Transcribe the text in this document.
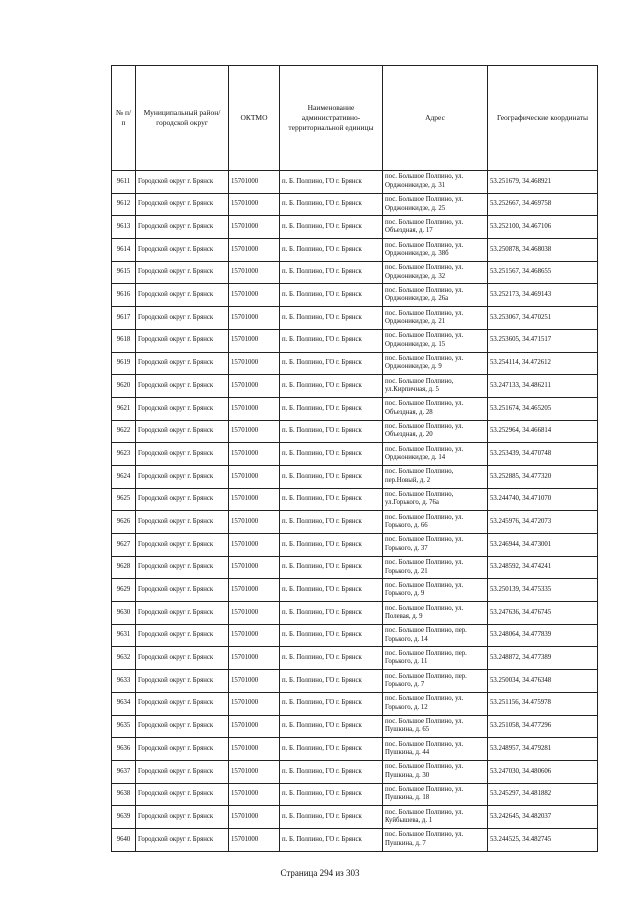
№ п/п	Муниципальный район/городской округ	ОКТМО	Наименование административно-территориальной единицы	Адрес	Географические координаты
9611	Городской округ г. Брянск	15701000	п. Б. Полпино, ГО г. Брянск	пос. Большое Полпино, ул. Орджоникидзе, д. 31	53.251679, 34.468921
9612	Городской округ г. Брянск	15701000	п. Б. Полпино, ГО г. Брянск	пос. Большое Полпино, ул. Орджоникидзе, д. 25	53.252667, 34.469758
9613	Городской округ г. Брянск	15701000	п. Б. Полпино, ГО г. Брянск	пос. Большое Полпино, ул. Объездная, д. 17	53.252100, 34.467106
9614	Городской округ г. Брянск	15701000	п. Б. Полпино, ГО г. Брянск	пос. Большое Полпино, ул. Орджоникидзе, д. 38б	53.250878, 34.468038
9615	Городской округ г. Брянск	15701000	п. Б. Полпино, ГО г. Брянск	пос. Большое Полпино, ул. Орджоникидзе, д. 32	53.251567, 34.468655
9616	Городской округ г. Брянск	15701000	п. Б. Полпино, ГО г. Брянск	пос. Большое Полпино, ул. Орджоникидзе, д. 26а	53.252173, 34.469143
9617	Городской округ г. Брянск	15701000	п. Б. Полпино, ГО г. Брянск	пос. Большое Полпино, ул. Орджоникидзе, д. 21	53.253067, 34.470251
9618	Городской округ г. Брянск	15701000	п. Б. Полпино, ГО г. Брянск	пос. Большое Полпино, ул. Орджоникидзе, д. 15	53.253605, 34.471517
9619	Городской округ г. Брянск	15701000	п. Б. Полпино, ГО г. Брянск	пос. Большое Полпино, ул. Орджоникидзе, д. 9	53.254114, 34.472612
9620	Городской округ г. Брянск	15701000	п. Б. Полпино, ГО г. Брянск	пос. Большое Полпино, ул.Кирпичная, д. 5	53.247133, 34.486211
9621	Городской округ г. Брянск	15701000	п. Б. Полпино, ГО г. Брянск	пос. Большое Полпино, ул. Объездная, д. 28	53.251674, 34.465205
9622	Городской округ г. Брянск	15701000	п. Б. Полпино, ГО г. Брянск	пос. Большое Полпино, ул. Объездная, д. 20	53.252964, 34.466814
9623	Городской округ г. Брянск	15701000	п. Б. Полпино, ГО г. Брянск	пос. Большое Полпино, ул. Орджоникидзе, д. 14	53.253439, 34.470748
9624	Городской округ г. Брянск	15701000	п. Б. Полпино, ГО г. Брянск	пос. Большое Полпино, пер.Новый, д. 2	53.252885, 34.477320
9625	Городской округ г. Брянск	15701000	п. Б. Полпино, ГО г. Брянск	пос. Большое Полпино, ул.Горького, д. 76а	53.244740, 34.471070
9626	Городской округ г. Брянск	15701000	п. Б. Полпино, ГО г. Брянск	пос. Большое Полпино, ул. Горького, д. 66	53.245976, 34.472073
9627	Городской округ г. Брянск	15701000	п. Б. Полпино, ГО г. Брянск	пос. Большое Полпино, ул. Горького, д. 37	53.246944, 34.473001
9628	Городской округ г. Брянск	15701000	п. Б. Полпино, ГО г. Брянск	пос. Большое Полпино, ул. Горького, д. 21	53.248592, 34.474241
9629	Городской округ г. Брянск	15701000	п. Б. Полпино, ГО г. Брянск	пос. Большое Полпино, ул. Горького, д. 9	53.250139, 34.475335
9630	Городской округ г. Брянск	15701000	п. Б. Полпино, ГО г. Брянск	пос. Большое Полпино, ул. Полевая, д. 9	53.247636, 34.476745
9631	Городской округ г. Брянск	15701000	п. Б. Полпино, ГО г. Брянск	пос. Большое Полпино, пер. Горького, д. 14	53.248064, 34.477839
9632	Городской округ г. Брянск	15701000	п. Б. Полпино, ГО г. Брянск	пос. Большое Полпино, пер. Горького, д. 11	53.248872, 34.477389
9633	Городской округ г. Брянск	15701000	п. Б. Полпино, ГО г. Брянск	пос. Большое Полпино, пер. Горького, д. 7	53.250034, 34.476348
9634	Городской округ г. Брянск	15701000	п. Б. Полпино, ГО г. Брянск	пос. Большое Полпино, ул. Горького, д. 12	53.251156, 34.475978
9635	Городской округ г. Брянск	15701000	п. Б. Полпино, ГО г. Брянск	пос. Большое Полпино, ул. Пушкина, д. 65	53.251058, 34.477296
9636	Городской округ г. Брянск	15701000	п. Б. Полпино, ГО г. Брянск	пос. Большое Полпино, ул. Пушкина, д. 44	53.248957, 34.479281
9637	Городской округ г. Брянск	15701000	п. Б. Полпино, ГО г. Брянск	пос. Большое Полпино, ул. Пушкина, д. 30	53.247030, 34.480606
9638	Городской округ г. Брянск	15701000	п. Б. Полпино, ГО г. Брянск	пос. Большое Полпино, ул. Пушкина, д. 18	53.245297, 34.481882
9639	Городской округ г. Брянск	15701000	п. Б. Полпино, ГО г. Брянск	пос. Большое Полпино, ул. Куйбышева, д. 1	53.242645, 34.482037
9640	Городской округ г. Брянск	15701000	п. Б. Полпино, ГО г. Брянск	пос. Большое Полпино, ул. Пушкина, д. 7	53.244525, 34.482745
Страница 294 из 303
